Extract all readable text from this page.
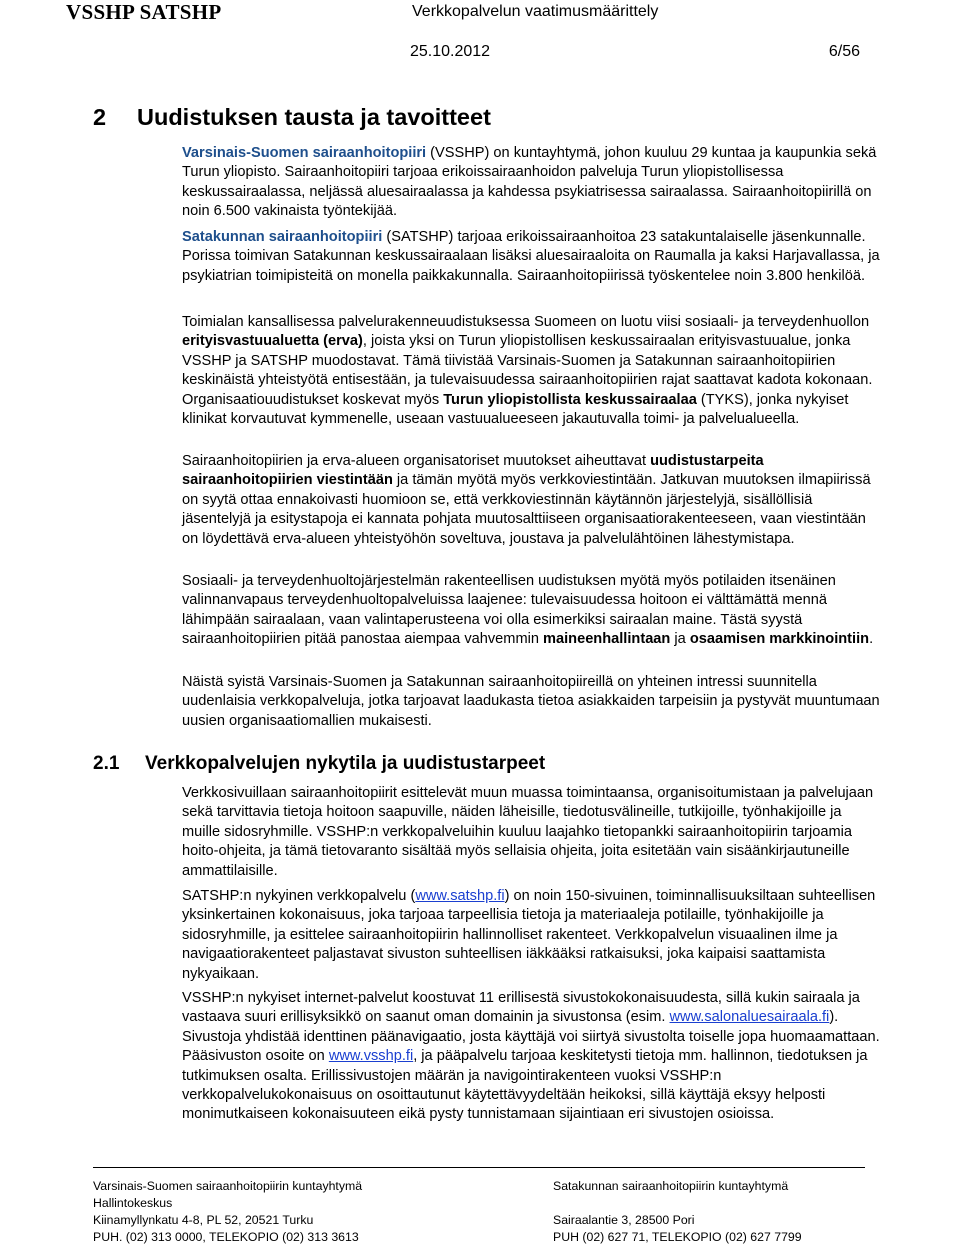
VSSHP SATSHP	Verkkopalvelun vaatimusmäärittely
25.10.2012	6/56
2 Uudistuksen tausta ja tavoitteet

Varsinais-Suomen sairaanhoitopiiri (VSSHP) on kuntayhtymä, johon kuuluu 29 kuntaa ja kaupunkia sekä Turun yliopisto. Sairaanhoitopiiri tarjoaa erikoissairaanhoidon palveluja Turun yliopistollisessa keskussairaalassa, neljässä aluesairaalassa ja kahdessa psykiatrisessa sairaalassa. Sairaanhoitopiirillä on noin 6.500 vakinaista työntekijää.

Satakunnan sairaanhoitopiiri (SATSHP) tarjoaa erikoissairaanhoitoa 23 satakuntalaiselle jäsenkunnalle. Porissa toimivan Satakunnan keskussairaalaan lisäksi aluesairaaloita on Raumalla ja kaksi Harjavallassa, ja psykiatrian toimipisteitä on monella paikkakunnalla. Sairaanhoitopiirissä työskentelee noin 3.800 henkilöä.

Toimialan kansallisessa palvelurakenneuudistuksessa Suomeen on luotu viisi sosiaali- ja terveydenhuollon erityisvastuualuetta (erva), joista yksi on Turun yliopistollisen keskussairaalan erityisvastuualue, jonka VSSHP ja SATSHP muodostavat. Tämä tiivistää Varsinais-Suomen ja Satakunnan sairaanhoitopiirien keskinäistä yhteistyötä entisestään, ja tulevaisuudessa sairaanhoitopiirien rajat saattavat kadota kokonaan. Organisaatiouudistukset koskevat myös Turun yliopistollista keskussairaalaa (TYKS), jonka nykyiset klinikat korvautuvat kymmenelle, useaan vastuualueeseen jakautuvalla toimi- ja palvelualueella.

Sairaanhoitopiirien ja erva-alueen organisatoriset muutokset aiheuttavat uudistustarpeita sairaanhoitopiirien viestintään ja tämän myötä myös verkkoviestintään. Jatkuvan muutoksen ilmapiirissä on syytä ottaa ennakoivasti huomioon se, että verkkoviestinnän käytännön järjestelyjä, sisällöllisiä jäsentelyjä ja esitystapoja ei kannata pohjata muutosalttiiseen organisaatiorakenteeseen, vaan viestintään on löydettävä erva-alueen yhteistyöhön soveltuva, joustava ja palvelulähtöinen lähestymistapa.

Sosiaali- ja terveydenhuoltojärjestelmän rakenteellisen uudistuksen myötä myös potilaiden itsenäinen valinnanvapaus terveydenhuoltopalveluissa laajenee: tulevaisuudessa hoitoon ei välttämättä mennä lähimpään sairaalaan, vaan valintaperusteena voi olla esimerkiksi sairaalan maine. Tästä syystä sairaanhoitopiirien pitää panostaa aiempaa vahvemmin maineenhallintaan ja osaamisen markkinointiin.

Näistä syistä Varsinais-Suomen ja Satakunnan sairaanhoitopiireillä on yhteinen intressi suunnitella uudenlaisia verkkopalveluja, jotka tarjoavat laadukasta tietoa asiakkaiden tarpeisiin ja pystyvät muuntumaan uusien organisaatiomallien mukaisesti.

2.1 Verkkopalvelujen nykytila ja uudistustarpeet

Verkkosivuillaan sairaanhoitopiirit esittelevät muun muassa toimintaansa, organisoitumistaan ja palvelujaan sekä tarvittavia tietoja hoitoon saapuville, näiden läheisille, tiedotusvälineille, tutkijoille, työnhakijoille ja muille sidosryhmille. VSSHP:n verkkopalveluihin kuuluu laajahko tietopankki sairaanhoitopiirin tarjoamia hoito-ohjeita, ja tämä tietovaranto sisältää myös sellaisia ohjeita, joita esitetään vain sisäänkirjautuneille ammattilaisille.

SATSHP:n nykyinen verkkopalvelu (www.satshp.fi) on noin 150-sivuinen, toiminnallisuuksiltaan suhteellisen yksinkertainen kokonaisuus, joka tarjoaa tarpeellisia tietoja ja materiaaleja potilaille, työnhakijoille ja sidosryhmille, ja esittelee sairaanhoitopiirin hallinnolliset rakenteet. Verkkopalvelun visuaalinen ilme ja navigaatiorakenteet paljastavat sivuston suhteellisen iäkkääksi ratkaisuksi, joka kaipaisi saattamista nykyaikaan.

VSSHP:n nykyiset internet-palvelut koostuvat 11 erillisestä sivustokokonaisuudesta, sillä kukin sairaala ja vastaava suuri erillisyksikkö on saanut oman domainin ja sivustonsa (esim. www.salonaluesairaala.fi). Sivustoja yhdistää identtinen päänavigaatio, josta käyttäjä voi siirtyä sivustolta toiselle jopa huomaamattaan. Pääsivuston osoite on www.vsshp.fi, ja pääpalvelu tarjoaa keskitetysti tietoja mm. hallinnon, tiedotuksen ja tutkimuksen osalta. Erillissivustojen määrän ja navigointirakenteen vuoksi VSSHP:n verkkopalvelukokonaisuus on osoittautunut käytettävyydeltään heikoksi, sillä käyttäjä eksyy helposti monimutkaiseen kokonaisuuteen eikä pysty tunnistamaan sijaintiaan eri sivustojen osioissa.

Varsinais-Suomen sairaanhoitopiirin kuntayhtymä
Hallintokeskus
Kiinamyllynkatu 4-8, PL 52, 20521 Turku
PUH. (02) 313 0000, TELEKOPIO (02) 313 3613
Satakunnan sairaanhoitopiirin kuntayhtymä

Sairaalantie 3, 28500 Pori
PUH (02) 627 71, TELEKOPIO (02) 627 7799
